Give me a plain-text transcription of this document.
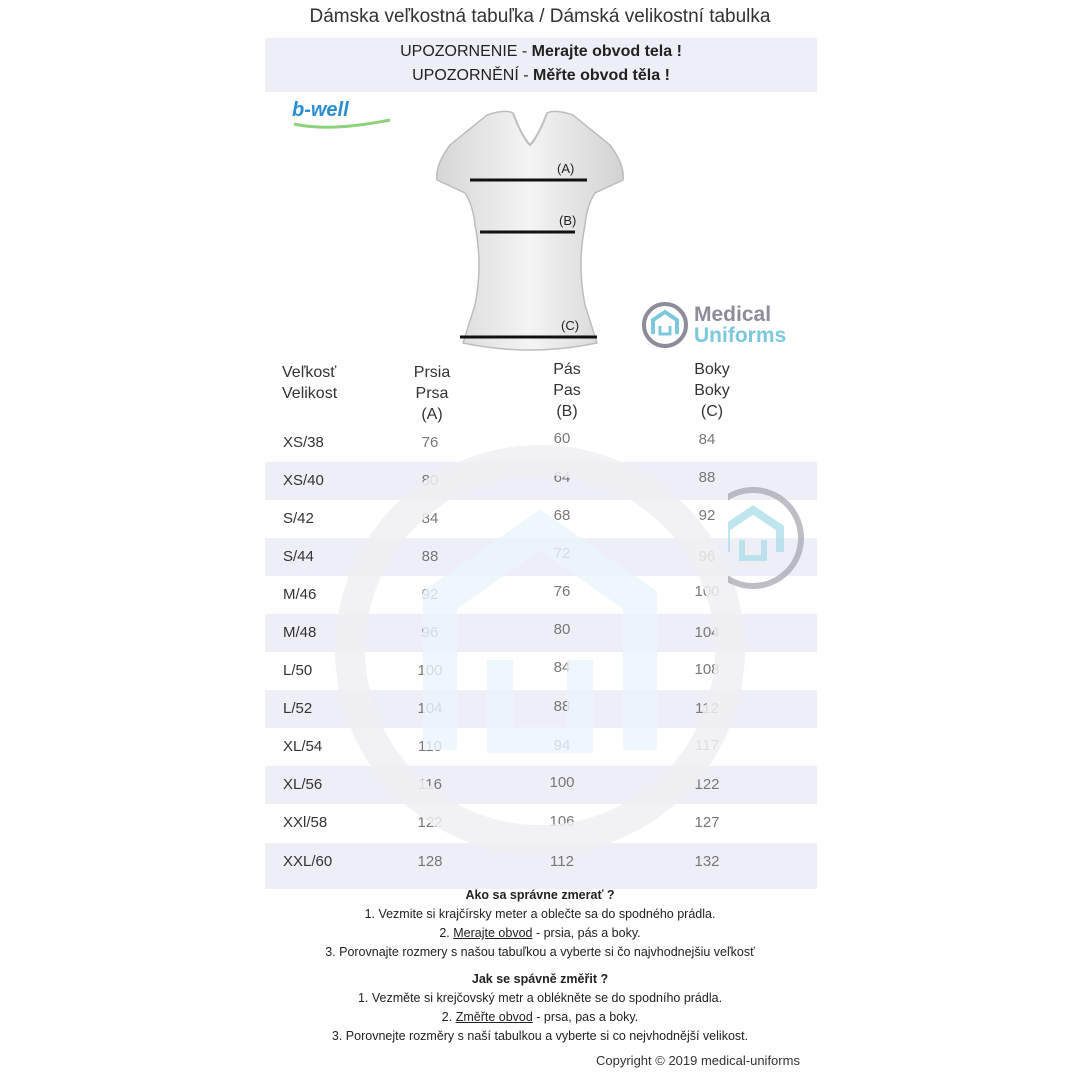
Dámska veľkostná tabuľka / Dámská velikostní tabulka
UPOZORNENIE - Merajte obvod tela !
UPOZORNĚNÍ - Měřte obvod těla !
b-well
(A)
(B)
(C)	Medical
Uniforms
Veľkosť
Velikost
Prsia
Prsa
(A)
Pás
Pas
(B)
Boky
Boky
(C)
XS/38	76	60	84
XS/40	80	64	88
S/42	84	68	92
S/44	88	72	96
M/46	92	76	100
M/48	96	80	104
L/50	100	84	108
L/52	104	88	112
XL/54	110	94	117
XL/56	116	100	122
XXl/58	122	106	127
XXL/60	128	112	132
Ako sa správne zmerať ?
1. Vezmite si krajčírsky meter a oblečte sa do spodného prádla.
2. Merajte obvod - prsia, pás a boky.
3. Porovnajte rozmery s našou tabuľkou a vyberte si čo najvhodnejšiu veľkosť
Jak se spávně změřit ?
1. Vezměte si krejčovský metr a oblékněte se do spodního prádla.
2. Změřte obvod - prsa, pas a boky.
3. Porovnejte rozměry s naší tabulkou a vyberte si co nejvhodnější velikost.
Copyright © 2019 medical-uniforms
